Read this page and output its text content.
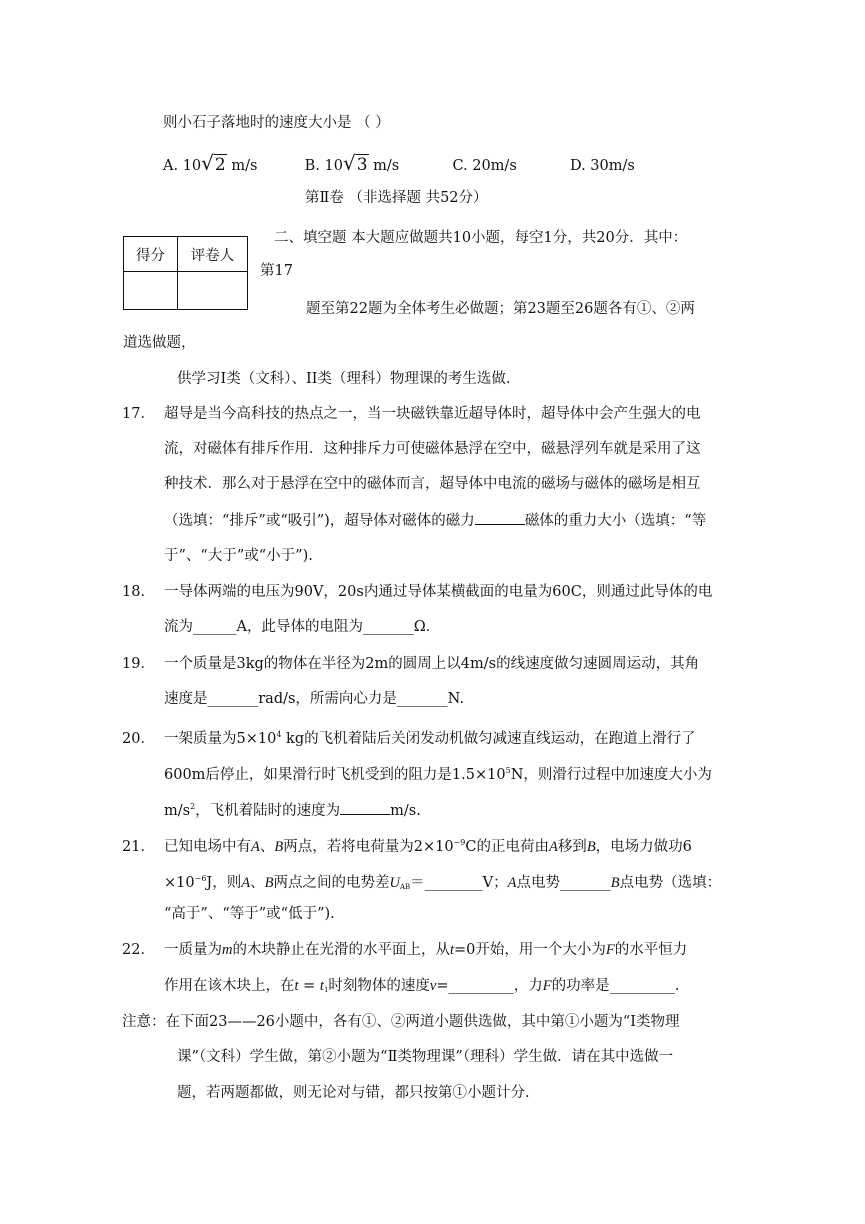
则小石子落地时的速度大小是 （ ）
A. 10√2 m/s	B. 10√3 m/s	C. 20m/s	D. 30m/s
第Ⅱ卷 （非选择题 共52分）
得分	评卷人

二、填空题 本大题应做题共10小题，每空1分，共20分．其中：
第17
题至第22题为全体考生必做题；第23题至26题各有①、②两
道选做题，
供学习Ⅰ类（文科）、II类（理科）物理课的考生选做.
17． 超导是当今高科技的热点之一，当一块磁铁靠近超导体时，超导体中会产生强大的电
流，对磁体有排斥作用．这种排斥力可使磁体悬浮在空中，磁悬浮列车就是采用了这
种技术．那么对于悬浮在空中的磁体而言，超导体中电流的磁场与磁体的磁场是相互
（选填：“排斥”或“吸引”)，超导体对磁体的磁力	磁体的重力大小（选填：“等
于”、“大于”或“小于”).
18． 一导体两端的电压为90V，20s内通过导体某横截面的电量为60C，则通过此导体的电
流为______A，此导体的电阻为_______Ω．
19． 一个质量是3kg的物体在半径为2m的圆周上以4m/s的线速度做匀速圆周运动，其角
速度是_______rad/s，所需向心力是_______N.
20． 一架质量为$5\times 10^4$ kg的飞机着陆后关闭发动机做匀减速直线运动，在跑道上滑行了
600m后停止，如果滑行时飞机受到的阻力是$1.5\times 10^5N$，则滑行过程中加速度大小为
$m/s^2$，飞机着陆时的速度为	m/s.
21． 已知电场中有A、B两点，若将电荷量为$2\times 10^{-9}C$的正电荷由A移到B，电场力做功6
$\times 10^{-6}J$，则A、B两点之间的电势差$U_{AB}=\_\_\_\_\_\_\_\_V$；A点电势_______B点电势（选填：
“高于”、“等于”或“低于”).
22． 一质量为m的木块静止在光滑的水平面上，从t=0开始，用一个大小为F的水平恒力
作用在该木块上，在$t = t_1$时刻物体的速度v=_________，力F的功率是_________.
注意：在下面23——26小题中，各有①、②两道小题供选做，其中第①小题为“Ⅰ类物理
课”（文科）学生做，第②小题为“Ⅱ类物理课”（理科）学生做．请在其中选做一
题，若两题都做，则无论对与错，都只按第①小题计分.
